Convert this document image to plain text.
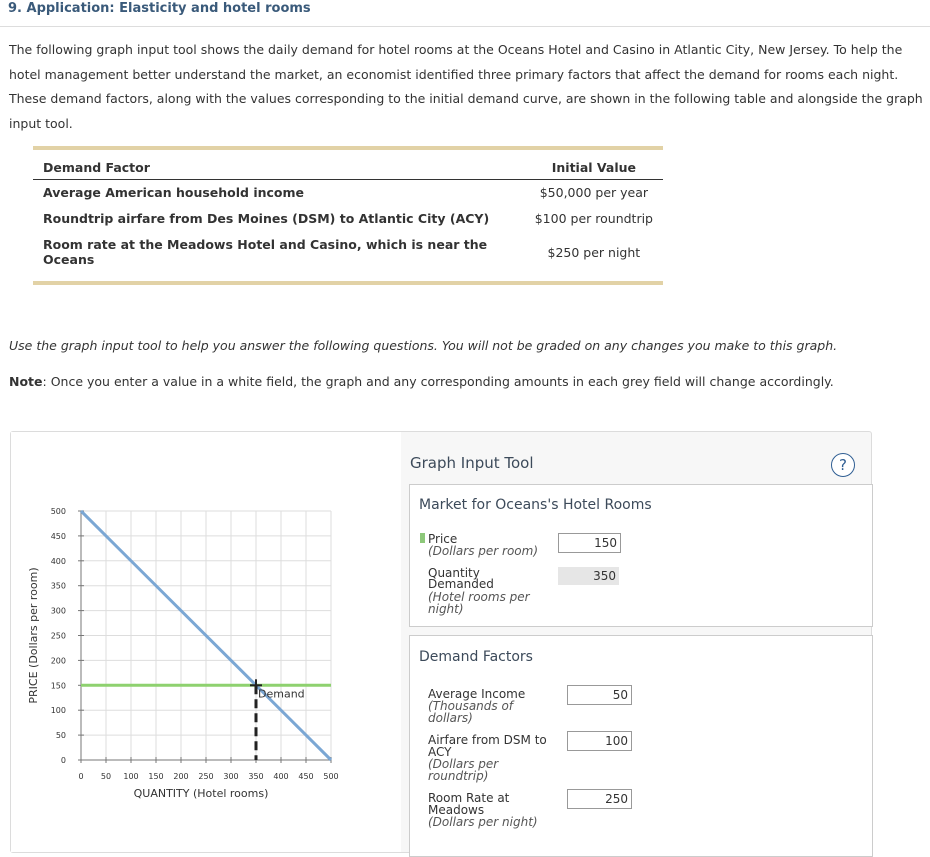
9. Application: Elasticity and hotel rooms
The following graph input tool shows the daily demand for hotel rooms at the Oceans Hotel and Casino in Atlantic City, New Jersey. To help the hotel management better understand the market, an economist identified three primary factors that affect the demand for rooms each night. These demand factors, along with the values corresponding to the initial demand curve, are shown in the following table and alongside the graph input tool.
Demand Factor	Initial Value
Average American household income	$50,000 per year
Roundtrip airfare from Des Moines (DSM) to Atlantic City (ACY)	$100 per roundtrip
Room rate at the Meadows Hotel and Casino, which is near the Oceans	$250 per night
Use the graph input tool to help you answer the following questions. You will not be graded on any changes you make to this graph.
Note: Once you enter a value in a white field, the graph and any corresponding amounts in each grey field will change accordingly.
0 50 100 150 200 250 300 350 400 450 500
0
50
100
150
200
250
300
350
400
450
500
QUANTITY (Hotel rooms)
PRICE (Dollars per room)	Demand
Graph Input Tool	?
Market for Oceans's Hotel Rooms
Price
(Dollars per room)
150
Quantity
Demanded
(Hotel rooms per
night)
350
Demand Factors
Average Income
(Thousands of
dollars)
50
Airfare from DSM to
ACY
(Dollars per
roundtrip)
100
Room Rate at
Meadows
(Dollars per night)
250
